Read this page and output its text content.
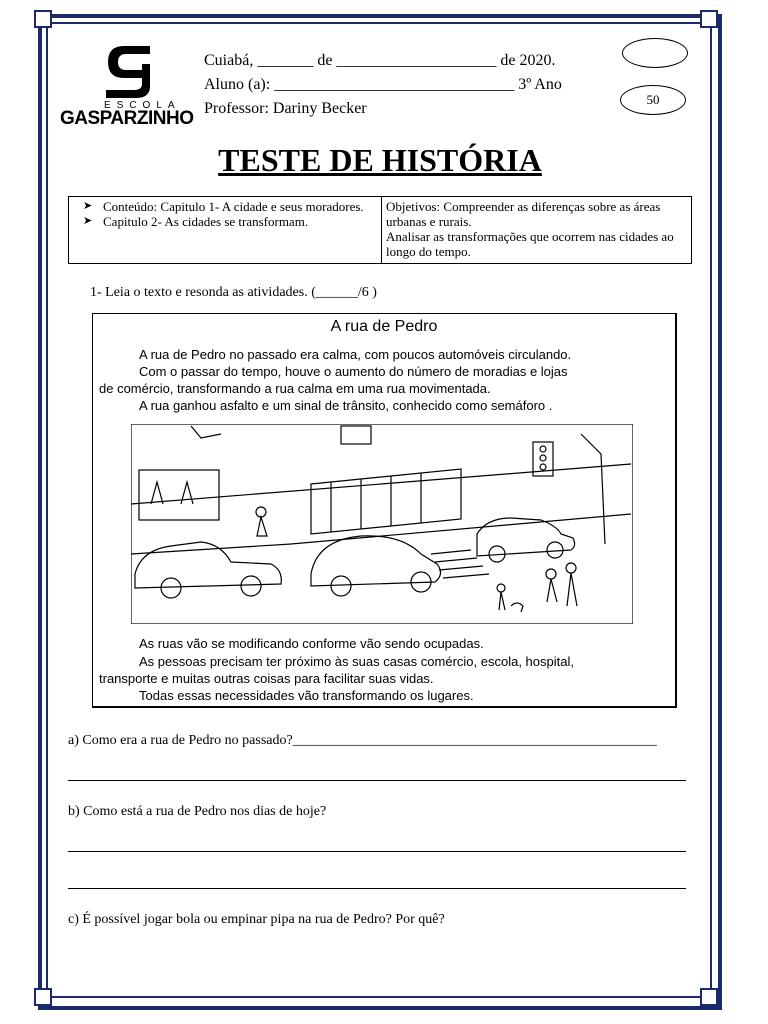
ESCOLA
GASPARZINHO
Cuiabá, _______ de ____________________ de 2020.
Aluno (a): ______________________________ 3º Ano
Professor: Dariny Becker
50
TESTE DE HISTÓRIA
➤ Conteúdo: Capitulo 1- A cidade e seus moradores.
➤ Capitulo 2- As cidades se transformam.

Objetivos: Compreender as diferenças sobre as áreas urbanas e rurais.
Analisar as transformações que ocorrem nas cidades ao longo do tempo.
1- Leia o texto e resonda as atividades. (______/6 )
A rua de Pedro
A rua de Pedro no passado era calma, com poucos automóveis circulando.
Com o passar do tempo, houve o aumento do número de moradias e lojas
de comércio, transformando a rua calma em uma rua movimentada.
A rua ganhou asfalto e um sinal de trânsito, conhecido como semáforo .
As ruas vão se modificando conforme vão sendo ocupadas.
As pessoas precisam ter próximo às suas casas comércio, escola, hospital,
transporte e muitas outras coisas para facilitar suas vidas.
Todas essas necessidades vão transformando os lugares.
a) Como era a rua de Pedro no passado?____________________________________________________
b) Como está a rua de Pedro nos dias de hoje?
c) É possível jogar bola ou empinar pipa na rua de Pedro? Por quê?
